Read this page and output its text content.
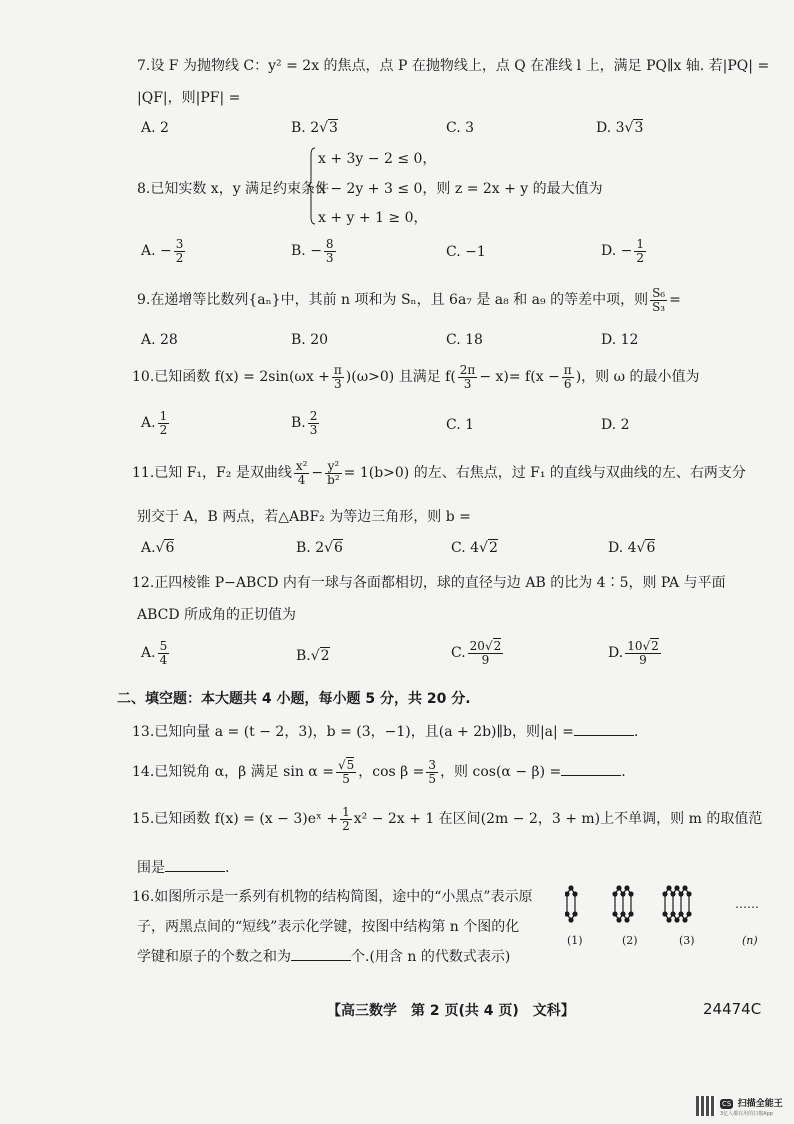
7.设 F 为抛物线 C：y² = 2x 的焦点，点 P 在抛物线上，点 Q 在准线 l 上，满足 PQ∥x 轴. 若|PQ| =
|QF|，则|PF| =
A. 2	B. 2√3	C. 3	D. 3√3
8.已知实数 x，y 满足约束条件
x + 3y − 2 ≤ 0，
x − 2y + 3 ≤ 0，则 z = 2x + y 的最大值为
x + y + 1 ≥ 0，
A. − $\frac{3}{2}$	B. − $\frac{8}{3}$	C. −1	D. − $\frac{1}{2}$
9.在递增等比数列{aₙ}中，其前 n 项和为 Sₙ，且 6a₇ 是 a₈ 和 a₉ 的等差中项，则 $\frac{\text{S₆}}{\text{S₃}}$ =
A. 28	B. 20	C. 18	D. 12
10.已知函数 $f(x) = 2\sin(\omega x + \frac{\pi}{3} )(\omega>0)$ 且满足 $f( \frac{2\pi}{3} - x)= f(x - \frac{\pi}{6}$ )，则 ω 的最小值为
A. $\frac{1}{2}$	B. $\frac{2}{3}$	C. 1	D. 2
11.已知 F₁，F₂ 是双曲线 $\frac{\text{x²}}{4} - \frac{\text{y²}}{\text{b²}} = 1(b>0)$ 的左、右焦点，过 F₁ 的直线与双曲线的左、右两支分
别交于 A，B 两点，若△ABF₂ 为等边三角形，则 b =
A.√6	B. 2√6	C. 4√2	D. 4√6
12.正四棱锥 P−ABCD 内有一球与各面都相切，球的直径与边 AB 的比为 4∶5，则 PA 与平面
ABCD 所成角的正切值为
A. $\frac{5}{4}$	B.√2	C. $\frac{20√2}{9}$	D. $\frac{10√2}{9}$
二、填空题：本大题共 4 小题，每小题 5 分，共 20 分.
13.已知向量 a = (t − 2，3)，b = (3，−1)，且(a + 2b)∥b，则|a| =	.
14.已知锐角 α，β 满足 $\sin \alpha = \frac{√5}{5}$ ，$\cos \beta = \frac{3}{5}$ ，则 cos(α − β) =	.
15.已知函数 f(x) = (x − 3)eˣ + $\frac{1}{2} x^2 - 2x + 1$ 在区间(2m − 2，3 + m)上不单调，则 m 的取值范
围是	.
16.如图所示是一系列有机物的结构简图，途中的“小黑点”表示原
子，两黑点间的“短线”表示化学键，按图中结构第 n 个图的化
学键和原子的个数之和为	个.(用含 n 的代数式表示)
……
(1)	(2)	(3)	(n)
【高三数学　第 2 页(共 4 页)　文科】	24474C
CS 扫描全能王
3亿人都在用的扫描App
